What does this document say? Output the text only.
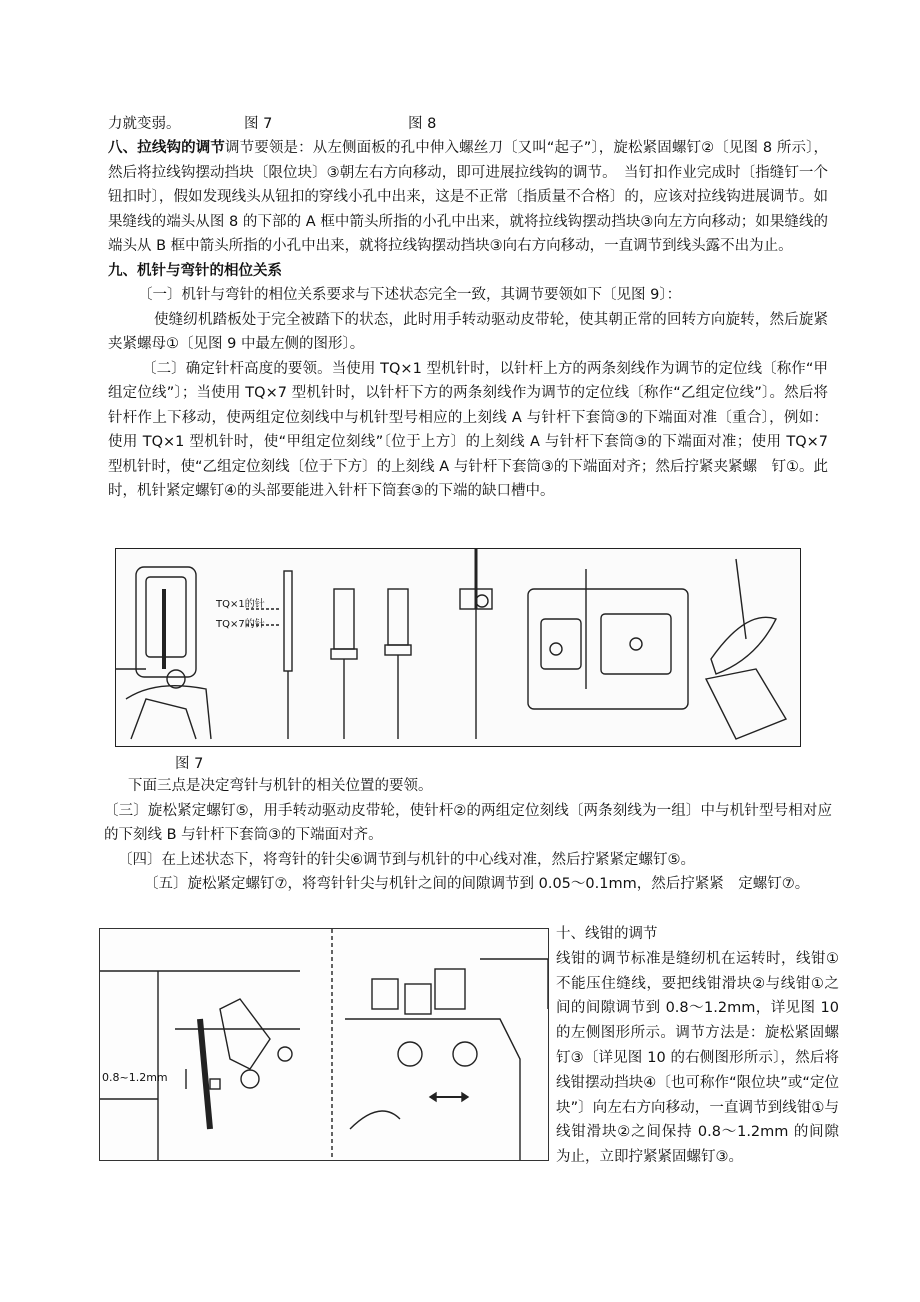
力就变弱。	图 7	图 8

八、拉线钩的调节调节要领是：从左侧面板的孔中伸入螺丝刀〔又叫“起子”〕，旋松紧固螺钉②〔见图 8 所示〕，然后将拉线钩摆动挡块〔限位块〕③朝左右方向移动，即可进展拉线钩的调节。　当钉扣作业完成时〔指缝钉一个钮扣时〕，假如发现线头从钮扣的穿线小孔中出来，这是不正常〔指质量不合格〕的，应该对拉线钩进展调节。如果缝线的端头从图 8 的下部的 A 框中箭头所指的小孔中出来，就将拉线钩摆动挡块③向左方向移动；如果缝线的端头从 B 框中箭头所指的小孔中出来，就将拉线钩摆动挡块③向右方向移动，一直调节到线头露不出为止。

九、机针与弯针的相位关系

〔一〕机针与弯针的相位关系要求与下述状态完全一致，其调节要领如下〔见图 9〕：

使缝纫机踏板处于完全被踏下的状态，此时用手转动驱动皮带轮，使其朝正常的回转方向旋转，然后旋紧夹紧螺母①〔见图 9 中最左侧的图形〕。

〔二〕确定针杆高度的要领。当使用 TQ×1 型机针时，以针杆上方的两条刻线作为调节的定位线〔称作“甲组定位线”〕；当使用 TQ×7 型机针时，以针杆下方的两条刻线作为调节的定位线〔称作“乙组定位线”〕。然后将针杆作上下移动，使两组定位刻线中与机针型号相应的上刻线 A 与针杆下套筒③的下端面对准〔重合〕，例如：使用 TQ×1 型机针时，使“甲组定位刻线”〔位于上方〕的上刻线 A 与针杆下套筒③的下端面对准；使用 TQ×7 型机针时，使“乙组定位刻线〔位于下方〕的上刻线 A 与针杆下套筒③的下端面对齐；然后拧紧夹紧螺　钉①。此时，机针紧定螺钉④的头部要能进入针杆下筒套③的下端的缺口槽中。

TQ×1的针
TQ×7的针
图 7

下面三点是决定弯针与机针的相关位置的要领。

〔三〕旋松紧定螺钉⑤，用手转动驱动皮带轮，使针杆②的两组定位刻线〔两条刻线为一组〕中与机针型号相对应的下刻线 B 与针杆下套筒③的下端面对齐。

〔四〕在上述状态下，将弯针的针尖⑥调节到与机针的中心线对准，然后拧紧紧定螺钉⑤。

〔五〕旋松紧定螺钉⑦，将弯针针尖与机针之间的间隙调节到 0.05～0.1mm，然后拧紧紧　定螺钉⑦。

0.8~1.2mm

十、线钳的调节

线钳的调节标准是缝纫机在运转时，线钳①不能压住缝线，要把线钳滑块②与线钳①之间的间隙调节到 0.8～1.2mm，详见图 10 的左侧图形所示。调节方法是：旋松紧固螺钉③〔详见图 10 的右侧图形所示〕，然后将线钳摆动挡块④〔也可称作“限位块”或“定位块”〕向左右方向移动，一直调节到线钳①与线钳滑块②之间保持 0.8～1.2mm 的间隙为止，立即拧紧紧固螺钉③。
